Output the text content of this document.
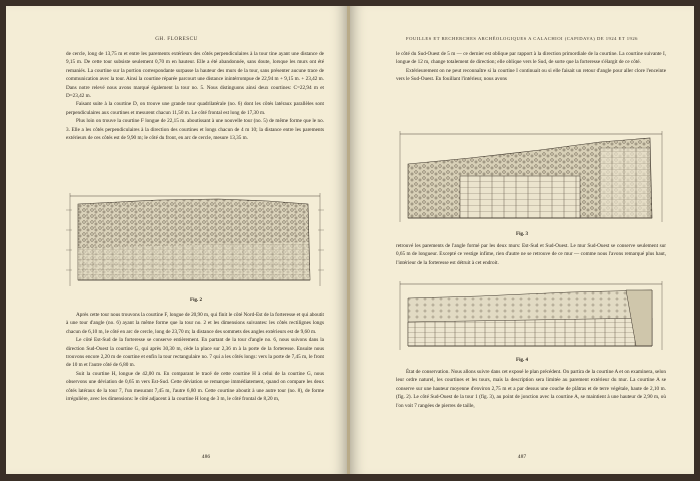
GH. FLORESCU

de cercle, long de 13,75 m et entre les parements extérieurs des côtés perpendiculaires à la tour tine ayant une distance de 9,15 m. De cette tour subsiste seulement 0,70 m en hauteur. Elle a été abandonnée, sans doute, lorsque les murs ont été remaniés. La courtine sur la portion correspondante surpasse la hauteur des murs de la tour, sans présenter aucune trace de communication avec la tour. Ainsi la courtine réparée parcourt une distance inintérrompue de 22,94 m + 9,15 m. + 23,42 m. Dans notre relevé nous avons marqué également la tour no. 5. Nous distinguons ainsi deux courtines: C=22,94 m et D=23,42 m.

Faisant suite à la courtine D, on trouve une grande tour quadrilatérale (no. 6) dont les côtés latéraux parallèles sont perpendiculaires aux courtines et mesurent chacun 11,50 m. Le côté frontal est long de 17,30 m.

Plus loin on trouve la courtine F longue de 22,15 m. aboutissant à une nouvelle tour (no. 5) de même forme que le no. 3. Elle a les côtés perpendiculaires à la direction des courtines et longs chacun de 4 m 10; la distance entre les parements extérieurs de ces côtés est de 9,90 m; le côté du front, en arc de cercle, mesure 13,35 m.

Fig. 2

Après cette tour nous trouvons la courtine F, longue de 20,90 m, qui finit le côté Nord-Est de la forteresse et qui aboutit à une tour d'angle (no. 6) ayant la même forme que la tour no. 2 et les dimensions suivantes: les côtés rectilignes longs chacun de 6,10 m, le côté en arc de cercle, long de 23,70 m; la distance des sommets des angles extérieurs est de 9,60 m.

Le côté Est-Sud de la forteresse se conserve entièrement. En partant de la tour d'angle no. 6, nous suivons dans la direction Sud-Ouest la courtine G, qui après 30,30 m, cède la place sur 2,36 m à la porte de la forteresse. Ensuite nous trouvons encore 2,20 m de courtine et enfin la tour rectangulaire no. 7 qui a les côtés longs: vers la porte de 7,45 m, le front de 10 m et l'autre côté de 6,80 m.

Suit la courtine H, longue de 42,00 m. En comparant le tracé de cette courtine H à celui de la courtine G, nous observons une déviation de 0,65 m vers Est-Sud. Cette déviation se remarque immédiatement, quand on compare les deux côtés latéraux de la tour 7, l'un mesurant 7,45 m, l'autre 6,80 m. Cette courtine aboutit à une autre tour (no. 8), de forme irrégulière, avec les dimensions: le côté adjacent à la courtine H long de 3 m, le côté frontal de 8,20 m,

486
FOUILLES ET RECHERCHES ARCHÉOLOGIQUES A CALACHIOI (CAPIDAVA) DE 1924 ET 1926

le côté du Sud-Ouest de 5 m — ce dernier est oblique par rapport à la direction primordiale de la courtine. La courtine suivante I, longue de 12 m, change totalement de direction; elle oblique vers le Sud, de sorte que la forteresse s'élargit de ce côté.

Extérieurement on ne peut reconnaître si la courtine I continuait ou si elle faisait un retour d'angle pour aller clore l'enceinte vers le Sud-Ouest. En fouillant l'intérieur, nous avons

Fig. 3

retrouvé les parements de l'angle formé par les deux murs: Est-Sud et Sud-Ouest. Le mur Sud-Ouest se conserve seulement sur 0,65 m de longueur. Excepté ce vestige infime, rien d'autre ne se retrouve de ce mur — comme nous l'avons remarqué plus haut, l'intérieur de la forteresse est détruit à cet endroit.

Fig. 4

État de conservation. Nous allons suivre dans cet exposé le plan précédent. On partira de la courtine A et on examinera, selon leur ordre naturel, les courtines et les tours, mais la description sera limitée au parement extérieur du mur. La courtine A se conserve sur une hauteur moyenne d'environ 2,75 m et a par dessus une couche de plâtras et de terre végétale, haute de 2,10 m. (fig. 2). Le côté Sud-Ouest de la tour 1 (fig. 3), au point de jonction avec la courtine A, se maintient à une hauteur de 2,90 m, où l'on voit 7 rangées de pierres de taille,

487
